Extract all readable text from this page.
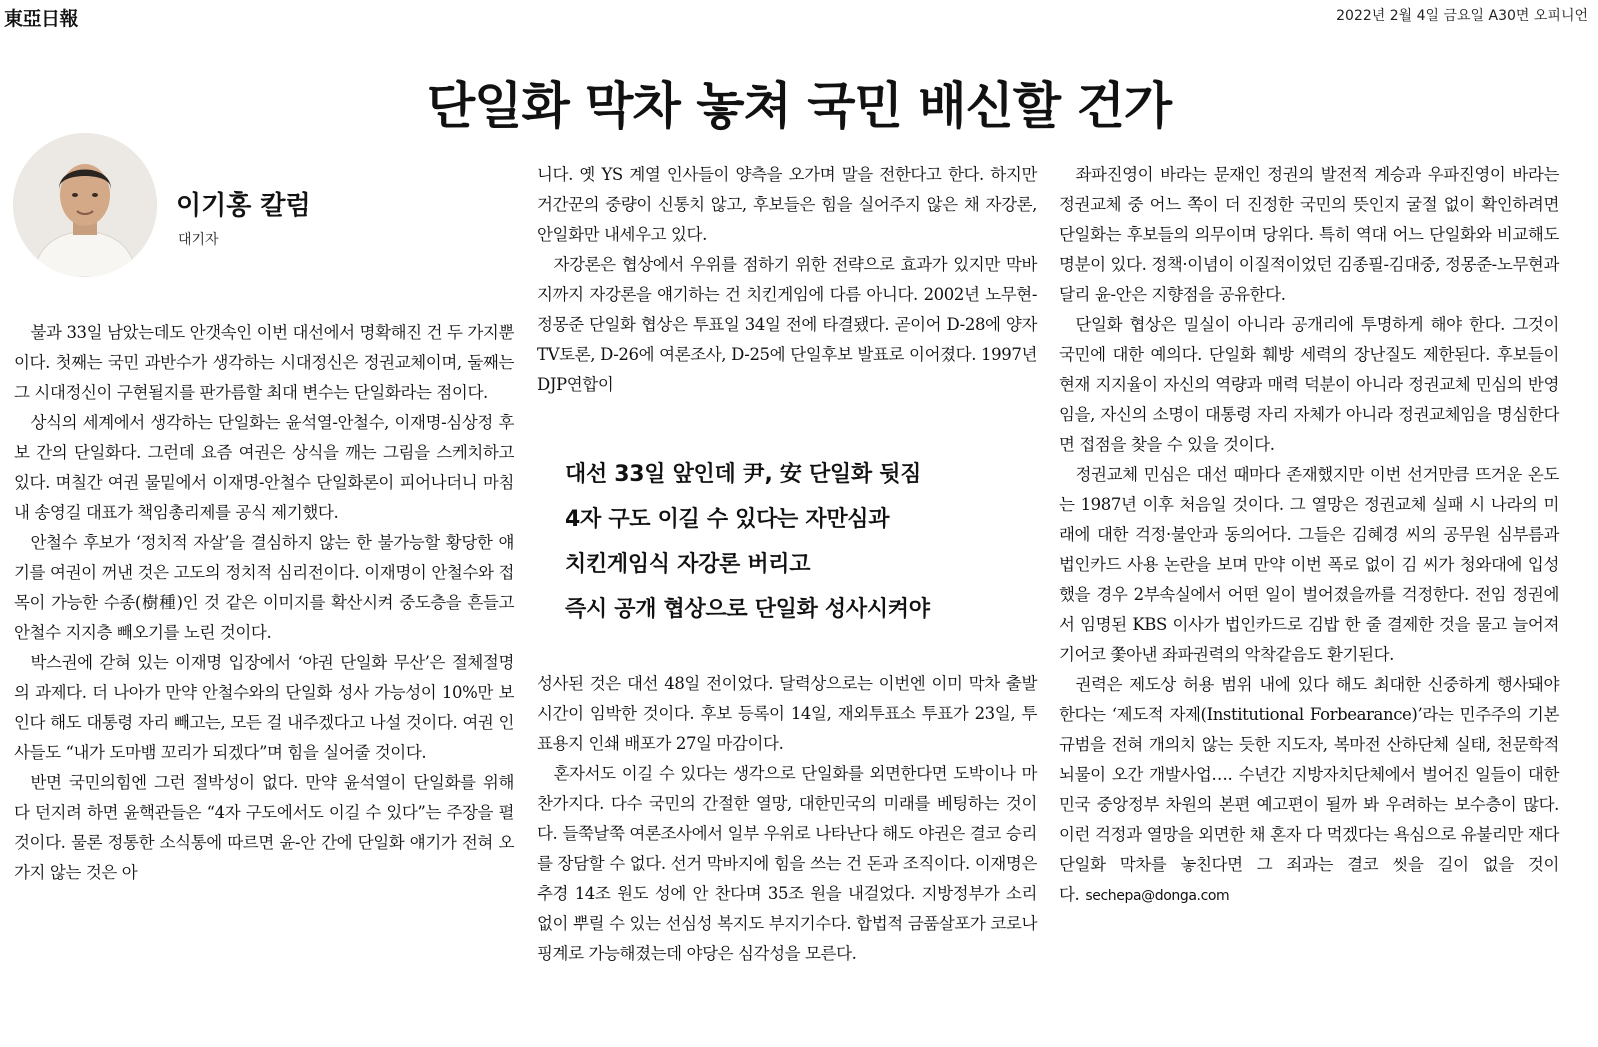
東亞日報	2022년 2월 4일 금요일 A30면 오피니언
단일화 막차 놓쳐 국민 배신할 건가
이기홍 칼럼
대기자

불과 33일 남았는데도 안갯속인 이번 대선에서 명확해진 건 두 가지뿐이다. 첫째는 국민 과반수가 생각하는 시대정신은 정권교체이며, 둘째는 그 시대정신이 구현될지를 판가름할 최대 변수는 단일화라는 점이다.

상식의 세계에서 생각하는 단일화는 윤석열-안철수, 이재명-심상정 후보 간의 단일화다. 그런데 요즘 여권은 상식을 깨는 그림을 스케치하고 있다. 며칠간 여권 물밑에서 이재명-안철수 단일화론이 피어나더니 마침내 송영길 대표가 책임총리제를 공식 제기했다.

안철수 후보가 ‘정치적 자살’을 결심하지 않는 한 불가능할 황당한 얘기를 여권이 꺼낸 것은 고도의 정치적 심리전이다. 이재명이 안철수와 접목이 가능한 수종(樹種)인 것 같은 이미지를 확산시켜 중도층을 흔들고 안철수 지지층 빼오기를 노린 것이다.

박스권에 갇혀 있는 이재명 입장에서 ‘야권 단일화 무산’은 절체절명의 과제다. 더 나아가 만약 안철수와의 단일화 성사 가능성이 10%만 보인다 해도 대통령 자리 빼고는, 모든 걸 내주겠다고 나설 것이다. 여권 인사들도 “내가 도마뱀 꼬리가 되겠다”며 힘을 실어줄 것이다.

반면 국민의힘엔 그런 절박성이 없다. 만약 윤석열이 단일화를 위해 다 던지려 하면 윤핵관들은 “4자 구도에서도 이길 수 있다”는 주장을 펼 것이다. 물론 정통한 소식통에 따르면 윤-안 간에 단일화 얘기가 전혀 오가지 않는 것은 아

니다. 옛 YS 계열 인사들이 양측을 오가며 말을 전한다고 한다. 하지만 거간꾼의 중량이 신통치 않고, 후보들은 힘을 실어주지 않은 채 자강론, 안일화만 내세우고 있다.

자강론은 협상에서 우위를 점하기 위한 전략으로 효과가 있지만 막바지까지 자강론을 얘기하는 건 치킨게임에 다름 아니다. 2002년 노무현-정몽준 단일화 협상은 투표일 34일 전에 타결됐다. 곧이어 D-28에 양자 TV토론, D-26에 여론조사, D-25에 단일후보 발표로 이어졌다. 1997년 DJP연합이

대선 33일 앞인데 尹, 安 단일화 뒷짐
4자 구도 이길 수 있다는 자만심과
치킨게임식 자강론 버리고
즉시 공개 협상으로 단일화 성사시켜야

성사된 것은 대선 48일 전이었다. 달력상으로는 이번엔 이미 막차 출발 시간이 임박한 것이다. 후보 등록이 14일, 재외투표소 투표가 23일, 투표용지 인쇄 배포가 27일 마감이다.

혼자서도 이길 수 있다는 생각으로 단일화를 외면한다면 도박이나 마찬가지다. 다수 국민의 간절한 열망, 대한민국의 미래를 베팅하는 것이다. 들쭉날쭉 여론조사에서 일부 우위로 나타난다 해도 야권은 결코 승리를 장담할 수 없다. 선거 막바지에 힘을 쓰는 건 돈과 조직이다. 이재명은 추경 14조 원도 성에 안 찬다며 35조 원을 내걸었다. 지방정부가 소리 없이 뿌릴 수 있는 선심성 복지도 부지기수다. 합법적 금품살포가 코로나 핑계로 가능해졌는데 야당은 심각성을 모른다.

좌파진영이 바라는 문재인 정권의 발전적 계승과 우파진영이 바라는 정권교체 중 어느 쪽이 더 진정한 국민의 뜻인지 굴절 없이 확인하려면 단일화는 후보들의 의무이며 당위다. 특히 역대 어느 단일화와 비교해도 명분이 있다. 정책·이념이 이질적이었던 김종필-김대중, 정몽준-노무현과 달리 윤-안은 지향점을 공유한다.

단일화 협상은 밀실이 아니라 공개리에 투명하게 해야 한다. 그것이 국민에 대한 예의다. 단일화 훼방 세력의 장난질도 제한된다. 후보들이 현재 지지율이 자신의 역량과 매력 덕분이 아니라 정권교체 민심의 반영임을, 자신의 소명이 대통령 자리 자체가 아니라 정권교체임을 명심한다면 접점을 찾을 수 있을 것이다.

정권교체 민심은 대선 때마다 존재했지만 이번 선거만큼 뜨거운 온도는 1987년 이후 처음일 것이다. 그 열망은 정권교체 실패 시 나라의 미래에 대한 걱정·불안과 동의어다. 그들은 김혜경 씨의 공무원 심부름과 법인카드 사용 논란을 보며 만약 이번 폭로 없이 김 씨가 청와대에 입성했을 경우 2부속실에서 어떤 일이 벌어졌을까를 걱정한다. 전임 정권에서 임명된 KBS 이사가 법인카드로 김밥 한 줄 결제한 것을 물고 늘어져 기어코 쫓아낸 좌파권력의 악착같음도 환기된다.

권력은 제도상 허용 범위 내에 있다 해도 최대한 신중하게 행사돼야 한다는 ‘제도적 자제(Institutional Forbearance)’라는 민주주의 기본 규범을 전혀 개의치 않는 듯한 지도자, 복마전 산하단체 실태, 천문학적 뇌물이 오간 개발사업…. 수년간 지방자치단체에서 벌어진 일들이 대한민국 중앙정부 차원의 본편 예고편이 될까 봐 우려하는 보수층이 많다. 이런 걱정과 열망을 외면한 채 혼자 다 먹겠다는 욕심으로 유불리만 재다 단일화 막차를 놓친다면 그 죄과는 결코 씻을 길이 없을 것이다. sechepa@donga.com
